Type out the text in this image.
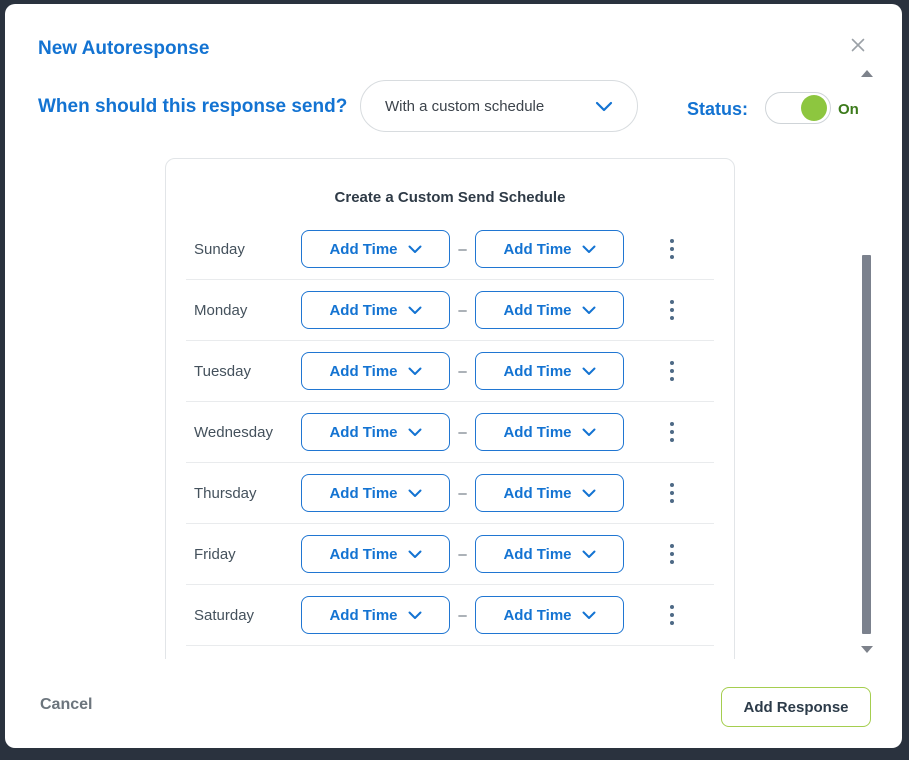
New Autoresponse
When should this response send?	With a custom schedule	Status:	On
Create a Custom Send Schedule
Sunday	Add Time	–	Add Time
Monday	Add Time	–	Add Time
Tuesday	Add Time	–	Add Time
Wednesday	Add Time	–	Add Time
Thursday	Add Time	–	Add Time
Friday	Add Time	–	Add Time
Saturday	Add Time	–	Add Time
Cancel	Add Response
